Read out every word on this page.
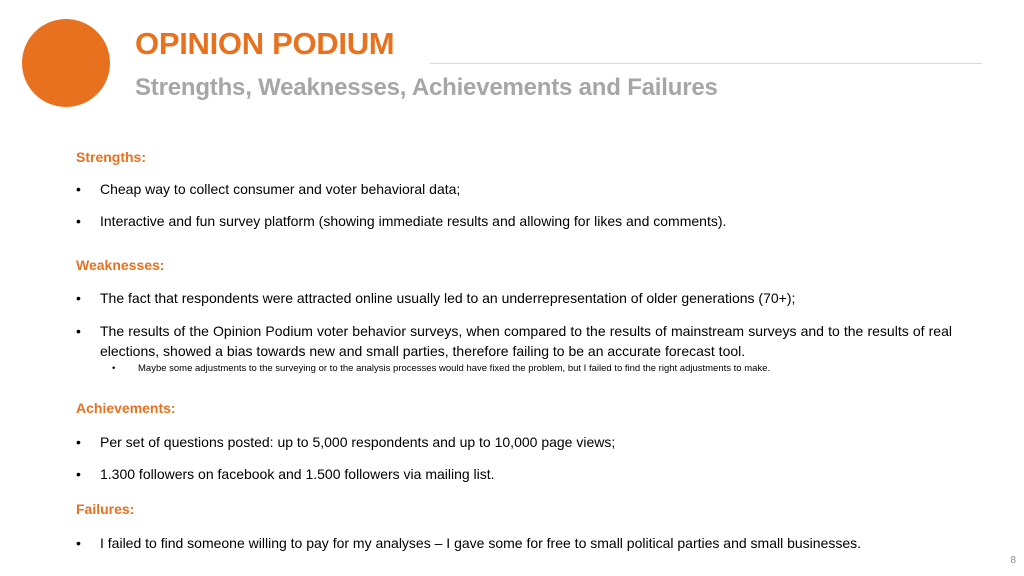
OPINION PODIUM
Strengths, Weaknesses, Achievements and Failures
Strengths:
•	Cheap way to collect consumer and voter behavioral data;
•	Interactive and fun survey platform (showing immediate results and allowing for likes and comments).
Weaknesses:
•	The fact that respondents were attracted online usually led to an underrepresentation of older generations (70+);
•	The results of the Opinion Podium voter behavior surveys, when compared to the results of mainstream surveys and to the results of real elections, showed a bias towards new and small parties, therefore failing to be an accurate forecast tool.
•	Maybe some adjustments to the surveying or to the analysis processes would have fixed the problem, but I failed to find the right adjustments to make.
Achievements:
•	Per set of questions posted: up to 5,000 respondents and up to 10,000 page views;
•	1.300 followers on facebook and 1.500 followers via mailing list.
Failures:
•	I failed to find someone willing to pay for my analyses – I gave some for free to small political parties and small businesses.
8
